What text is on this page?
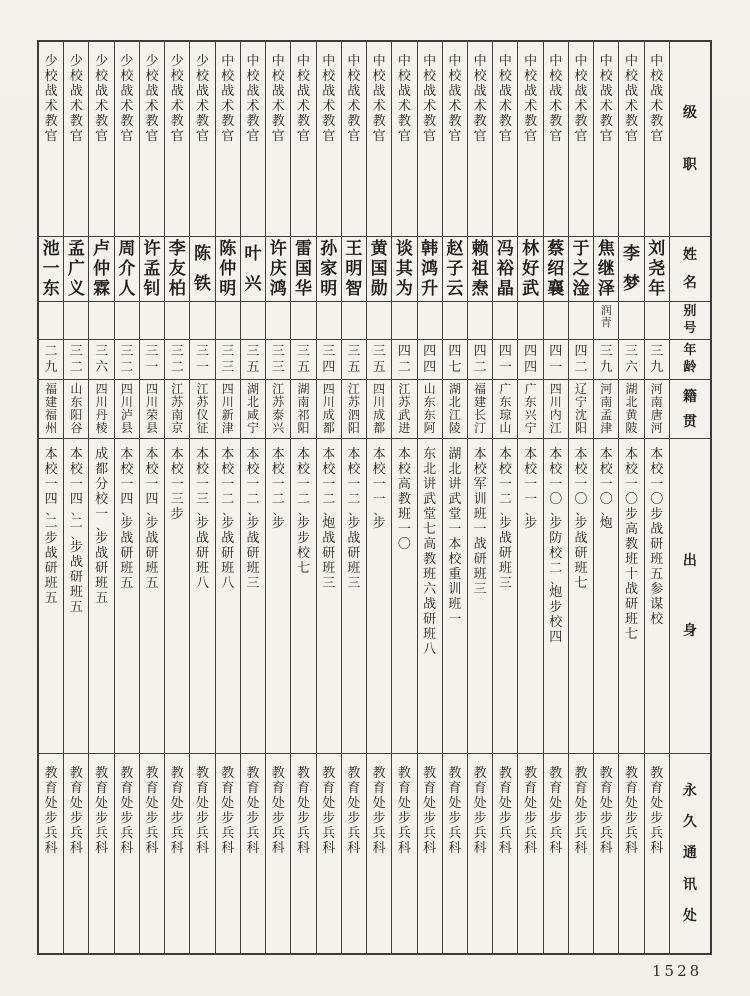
少
校
战
术
教
官
池
一
东
二
九
福
建
福
州
本
校
一
四
、
二
步
战
研
班
五
教
育
处
步
兵
科
少
校
战
术
教
官
孟
广
义
三
二
山
东
阳
谷
本
校
一
四
、
二
、
步
战
研
班
五
教
育
处
步
兵
科
少
校
战
术
教
官
卢
仲
霖
三
六
四
川
丹
棱
成
都
分
校
一
、
步
战
研
班
五
教
育
处
步
兵
科
少
校
战
术
教
官
周
介
人
三
二
四
川
泸
县
本
校
一
四
、
步
战
研
班
五
教
育
处
步
兵
科
少
校
战
术
教
官
许
孟
钊
三
一
四
川
荣
县
本
校
一
四
、
步
战
研
班
五
教
育
处
步
兵
科
少
校
战
术
教
官
李
友
柏
三
二
江
苏
南
京
本
校
一
三
步
教
育
处
步
兵
科
少
校
战
术
教
官
陈
铁
三
一
江
苏
仪
征
本
校
一
三
、
步
战
研
班
八
教
育
处
步
兵
科
中
校
战
术
教
官
陈
仲
明
三
三
四
川
新
津
本
校
一
二
、
步
战
研
班
八
教
育
处
步
兵
科
中
校
战
术
教
官
叶
兴
三
五
湖
北
咸
宁
本
校
一
二
、
步
战
研
班
三
教
育
处
步
兵
科
中
校
战
术
教
官
许
庆
鸿
三
三
江
苏
泰
兴
本
校
一
二
、
步
教
育
处
步
兵
科
中
校
战
术
教
官
雷
国
华
三
五
湖
南
祁
阳
本
校
一
二
、
步
步
校
七
教
育
处
步
兵
科
中
校
战
术
教
官
孙
家
明
三
四
四
川
成
都
本
校
一
二
、
炮
战
研
班
三
教
育
处
步
兵
科
中
校
战
术
教
官
王
明
智
三
五
江
苏
泗
阳
本
校
一
二
、
步
战
研
班
三
教
育
处
步
兵
科
中
校
战
术
教
官
黄
国
勋
三
五
四
川
成
都
本
校
一
一
、
步
教
育
处
步
兵
科
中
校
战
术
教
官
谈
其
为
四
二
江
苏
武
进
本
校
高
教
班
一
〇
教
育
处
步
兵
科
中
校
战
术
教
官
韩
鸿
升
四
四
山
东
东
阿
东
北
讲
武
堂
七
高
教
班
六
战
研
班
八
教
育
处
步
兵
科
中
校
战
术
教
官
赵
子
云
四
七
湖
北
江
陵
湖
北
讲
武
堂
一
本
校
重
训
班
一
教
育
处
步
兵
科
中
校
战
术
教
官
赖
祖
焘
四
二
福
建
长
汀
本
校
军
训
班
一
战
研
班
三
教
育
处
步
兵
科
中
校
战
术
教
官
冯
裕
晶
四
一
广
东
琼
山
本
校
一
二
、
步
战
研
班
三
教
育
处
步
兵
科
中
校
战
术
教
官
林
好
武
四
四
广
东
兴
宁
本
校
一
一
、
步
教
育
处
步
兵
科
中
校
战
术
教
官
蔡
绍
襄
四
一
四
川
内
江
本
校
一
〇
、
步
防
校
二
、
炮
步
校
四
教
育
处
步
兵
科
中
校
战
术
教
官
于
之
淦
四
二
辽
宁
沈
阳
本
校
一
〇
、
步
战
研
班
七
教
育
处
步
兵
科
中
校
战
术
教
官
焦
继
泽
润
青
三
九
河
南
孟
津
本
校
一
〇
、
炮
教
育
处
步
兵
科
中
校
战
术
教
官
李
梦
三
六
湖
北
黄
陂
本
校
一
〇
步
高
教
班
十
战
研
班
七
教
育
处
步
兵
科
中
校
战
术
教
官
刘
尧
年
三
九
河
南
唐
河
本
校
一
〇
步
战
研
班
五
参
谋
校
教
育
处
步
兵
科
级
职
姓
名
别
号
年
龄
籍
贯
出
身
永
久
通
讯
处
1528
